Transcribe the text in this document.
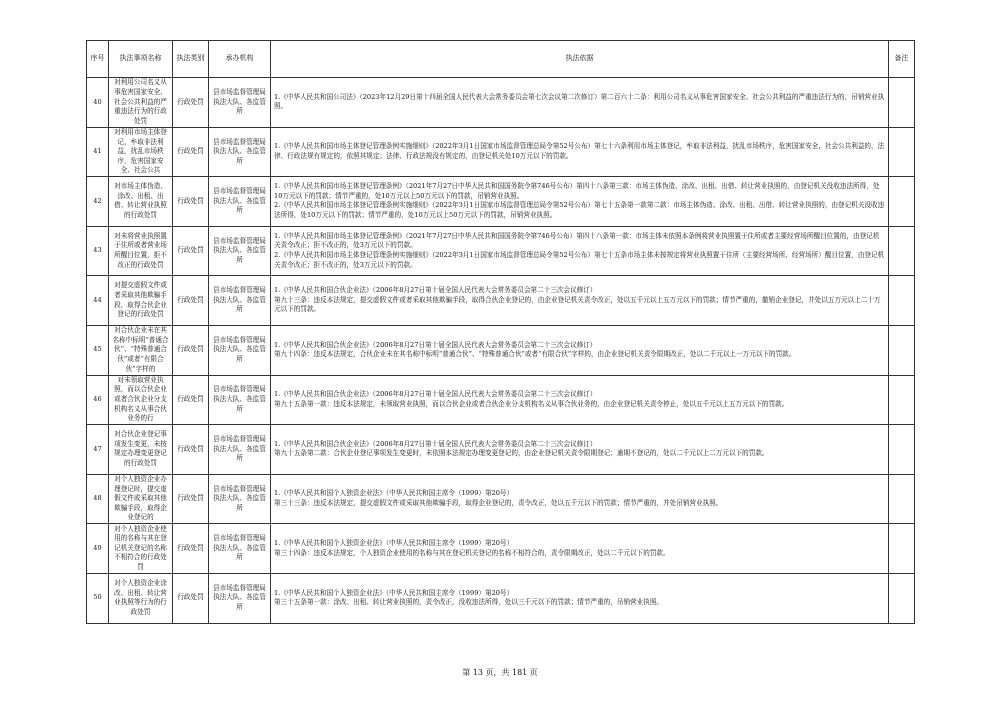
序号	执法事项名称	执法类别	承办机构	执法依据	备注

40	对利用公司名义从事危害国家安全、社会公共利益的严重违法行为的行政处罚	行政处罚	县市场监督管理局执法大队、各监管所	1.《中华人民共和国公司法》（2023年12月29日第十四届全国人民代表大会常务委员会第七次会议第二次修订）第二百六十二条：利用公司名义从事危害国家安全、社会公共利益的严重违法行为的，吊销营业执照。	

41	对利用市场主体登记，牟取非法利益，扰乱市场秩序，危害国家安全、社会公共	行政处罚	县市场监督管理局执法大队、各监管所	1.《中华人民共和国市场主体登记管理条例实施细则》（2022年3月1日国家市场监督管理总局令第52号公布）第七十六条利用市场主体登记，牟取非法利益，扰乱市场秩序，危害国家安全、社会公共利益的，法律、行政法规有规定的，依照其规定；法律、行政法规没有规定的，由登记机关处10万元以下的罚款。	

42	对市场主体伪造、涂改、出租、出借、转让营业执照的行政处罚	行政处罚	县市场监督管理局执法大队、各监管所	1.《中华人民共和国市场主体登记管理条例》（2021年7月27日中华人民共和国国务院令第746号公布）第四十八条第三款：市场主体伪造、涂改、出租、出借、转让营业执照的，由登记机关没收违法所得，处10万元以下的罚款；情节严重的，处10万元以上50万元以下的罚款，吊销营业执照。
2.《中华人民共和国市场主体登记管理条例实施细则》（2022年3月1日国家市场监督管理总局令第52号公布）第七十五条第一款第二款：市场主体伪造、涂改、出租、出借、转让营业执照的，由登记机关没收违法所得，处10万元以下的罚款；情节严重的，处10万元以上50万元以下的罚款，吊销营业执照。	

43	对未将营业执照置于住所或者营业场所醒目位置，拒不改正的行政处罚	行政处罚	县市场监督管理局执法大队、各监管所	1.《中华人民共和国市场主体登记管理条例》（2021年7月27日中华人民共和国国务院令第746号公布）第四十八条第一款：市场主体未依照本条例将营业执照置于住所或者主要经营场所醒目位置的，由登记机关责令改正；拒不改正的，处3万元以下的罚款。
2.《中华人民共和国市场主体登记管理条例实施细则》（2022年3月1日国家市场监督管理总局令第52号公布）第七十五条市场主体未按规定将营业执照置于住所（主要经营场所、经营场所）醒目位置，由登记机关责令改正；拒不改正的，处3万元以下的罚款。	

44	对提交虚假文件或者采取其他欺骗手段，取得合伙企业登记的行政处罚	行政处罚	县市场监督管理局执法大队、各监管所	1.《中华人民共和国合伙企业法》（2006年8月27日第十届全国人民代表大会常务委员会第二十三次会议修订）
第九十三条：违反本法规定，提交虚假文件或者采取其他欺骗手段，取得合伙企业登记的，由企业登记机关责令改正，处以五千元以上五万元以下的罚款；情节严重的，撤销企业登记，并处以五万元以上二十万元以下的罚款。	

45	对合伙企业未在其名称中标明“普通合伙”、“特殊普通合伙”或者“有限合伙”字样的	行政处罚	县市场监督管理局执法大队、各监管所	1.《中华人民共和国合伙企业法》（2006年8月27日第十届全国人民代表大会常务委员会第二十三次会议修订）
第九十四条：违反本法规定，合伙企业未在其名称中标明“普通合伙”、“特殊普通合伙”或者“有限合伙”字样的，由企业登记机关责令限期改正，处以二千元以上一万元以下的罚款。	

46	对未领取营业执照，而以合伙企业或者合伙企业分支机构名义从事合伙业务的行	行政处罚	县市场监督管理局执法大队、各监管所	1.《中华人民共和国合伙企业法》（2006年8月27日第十届全国人民代表大会常务委员会第二十三次会议修订）
第九十五条第一款：违反本法规定，未领取营业执照，而以合伙企业或者合伙企业分支机构名义从事合伙业务的，由企业登记机关责令停止，处以五千元以上五万元以下的罚款。	

47	对合伙企业登记事项发生变更，未按规定办理变更登记的行政处罚	行政处罚	县市场监督管理局执法大队、各监管所	1.《中华人民共和国合伙企业法》（2006年8月27日第十届全国人民代表大会常务委员会第二十三次会议修订）
第九十五条第二款：合伙企业登记事项发生变更时，未依照本法规定办理变更登记的，由企业登记机关责令限期登记；逾期不登记的，处以二千元以上二万元以下的罚款。	

48	对个人独资企业办理登记时，提交虚假文件或采取其他欺骗手段，取得企业登记的	行政处罚	县市场监督管理局执法大队、各监管所	1.《中华人民共和国个人独资企业法》（中华人民共和国主席令（1999）第20号）
第三十三条：违反本法规定，提交虚假文件或采取其他欺骗手段，取得企业登记的，责令改正，处以五千元以下的罚款；情节严重的，并处吊销营业执照。	

49	对个人独资企业使用的名称与其在登记机关登记的名称不相符合的行政处罚	行政处罚	县市场监督管理局执法大队、各监管所	1.《中华人民共和国个人独资企业法》（中华人民共和国主席令（1999）第20号）
第三十四条：违反本法规定，个人独资企业使用的名称与其在登记机关登记的名称不相符合的，责令限期改正，处以二千元以下的罚款。	

50	对个人独资企业涂改、出租、转让营业执照等行为的行政处罚	行政处罚	县市场监督管理局执法大队、各监管所	1.《中华人民共和国个人独资企业法》（中华人民共和国主席令（1999）第20号）
第三十五条第一款：涂改、出租、转让营业执照的，责令改正，没收违法所得，处以三千元以下的罚款；情节严重的，吊销营业执照。	

第 13 页，共 181 页
